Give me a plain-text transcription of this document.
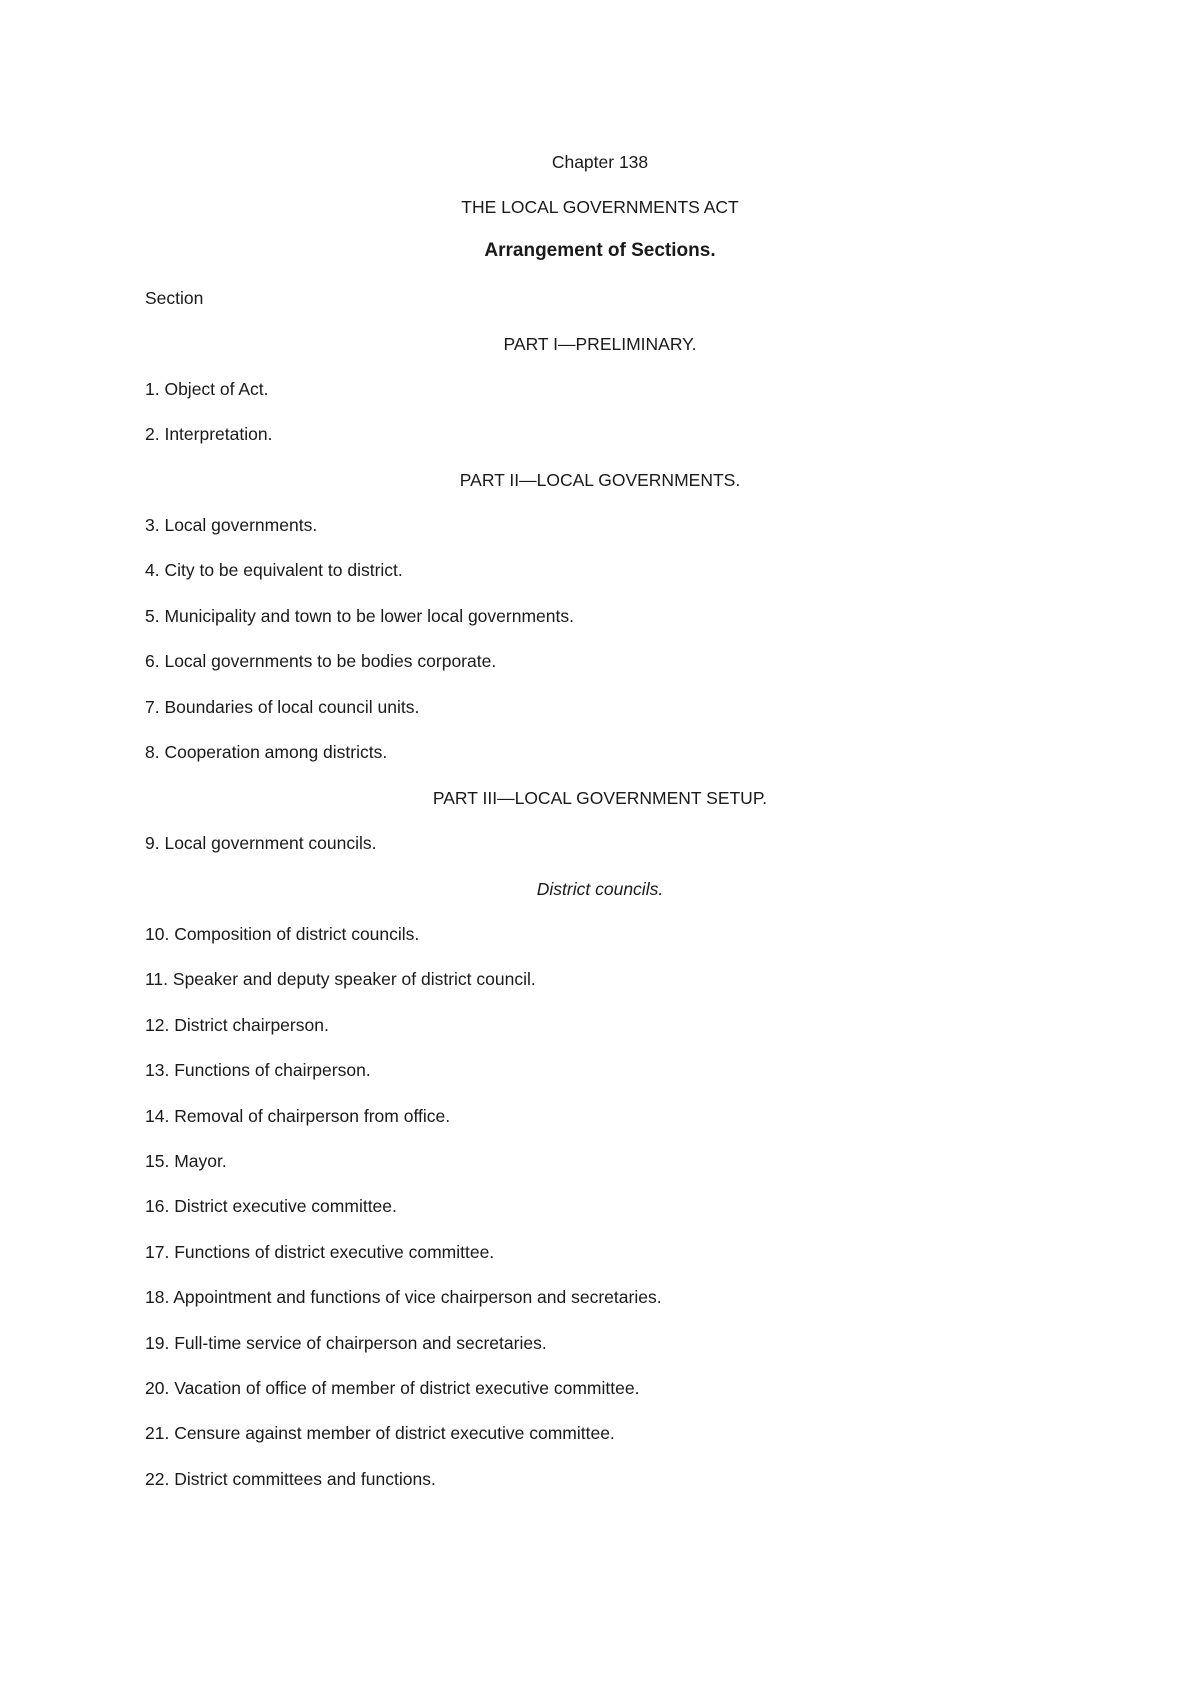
Chapter 138
THE LOCAL GOVERNMENTS ACT
Arrangement of Sections.
Section
PART I—PRELIMINARY.
1. Object of Act.
2. Interpretation.
PART II—LOCAL GOVERNMENTS.
3. Local governments.
4. City to be equivalent to district.
5. Municipality and town to be lower local governments.
6. Local governments to be bodies corporate.
7. Boundaries of local council units.
8. Cooperation among districts.
PART III—LOCAL GOVERNMENT SETUP.
9. Local government councils.
District councils.
10. Composition of district councils.
11. Speaker and deputy speaker of district council.
12. District chairperson.
13. Functions of chairperson.
14. Removal of chairperson from office.
15. Mayor.
16. District executive committee.
17. Functions of district executive committee.
18. Appointment and functions of vice chairperson and secretaries.
19. Full-time service of chairperson and secretaries.
20. Vacation of office of member of district executive committee.
21. Censure against member of district executive committee.
22. District committees and functions.
